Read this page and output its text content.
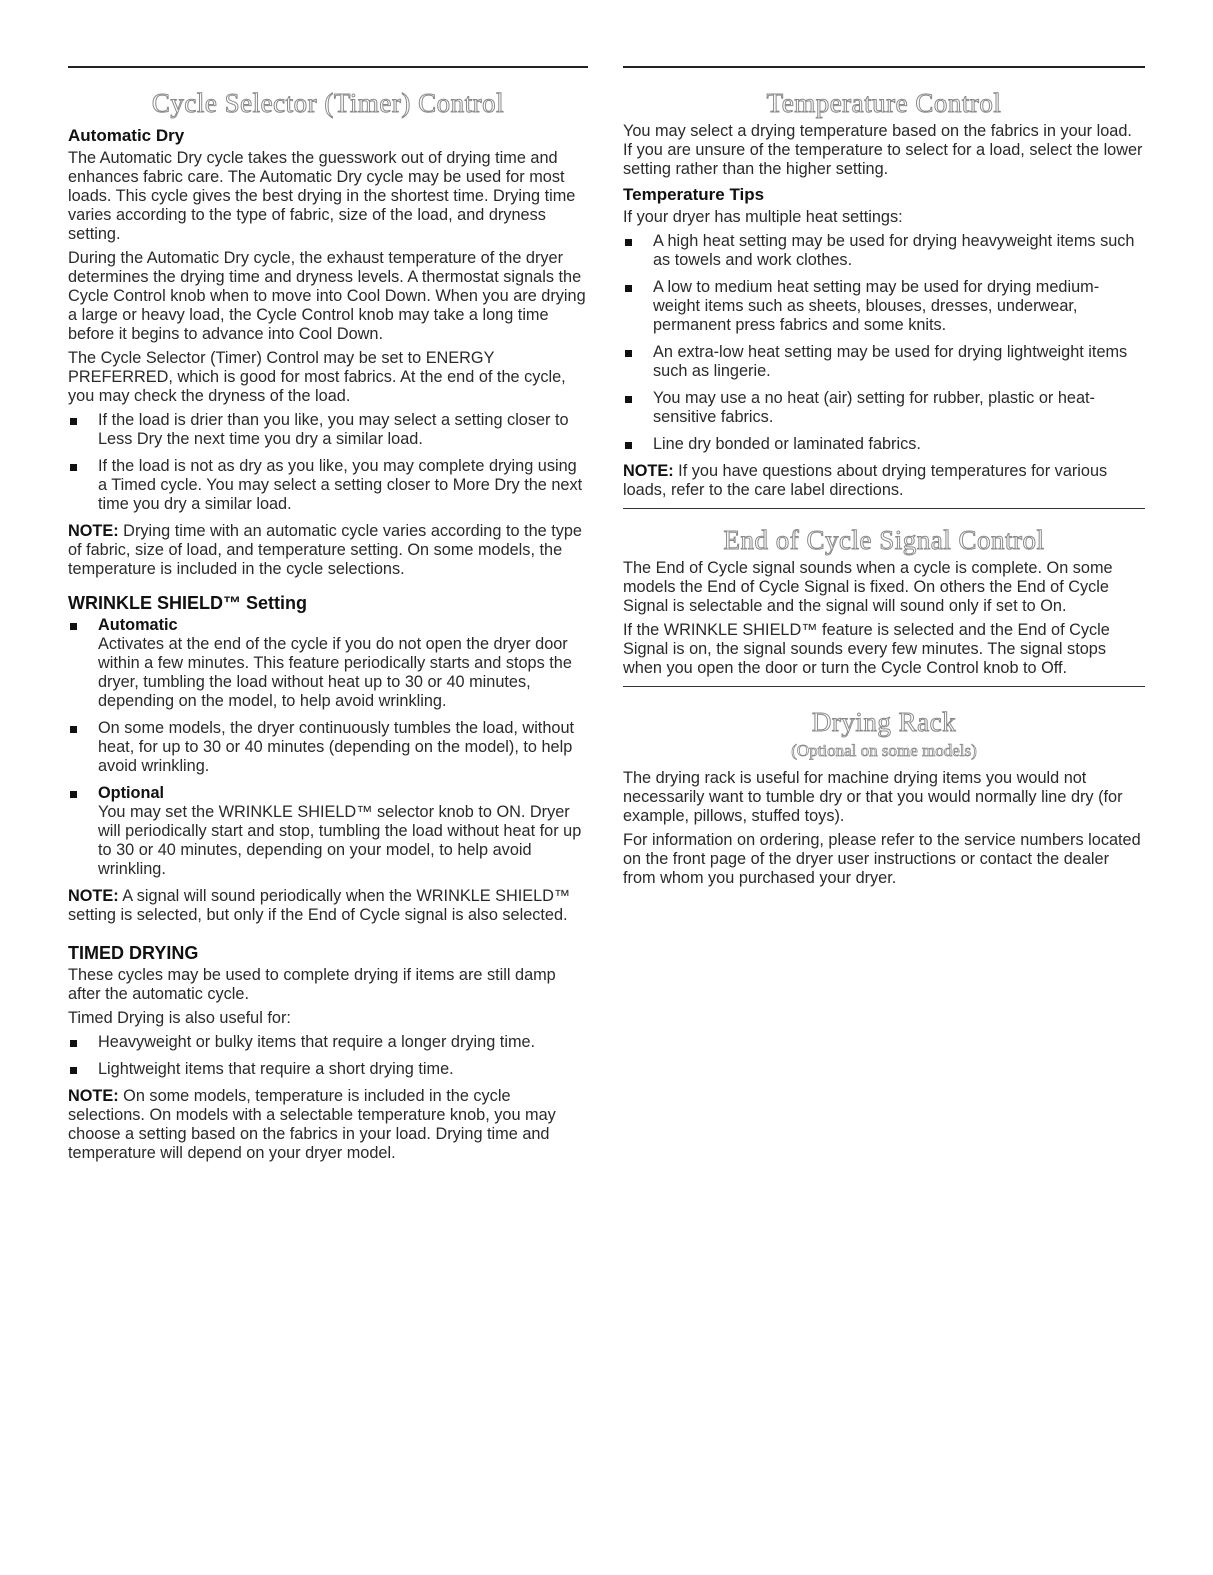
Cycle Selector (Timer) Control
Automatic Dry

The Automatic Dry cycle takes the guesswork out of drying time and enhances fabric care. The Automatic Dry cycle may be used for most loads. This cycle gives the best drying in the shortest time. Drying time varies according to the type of fabric, size of the load, and dryness setting.

During the Automatic Dry cycle, the exhaust temperature of the dryer determines the drying time and dryness levels. A thermostat signals the Cycle Control knob when to move into Cool Down. When you are drying a large or heavy load, the Cycle Control knob may take a long time before it begins to advance into Cool Down.

The Cycle Selector (Timer) Control may be set to ENERGY PREFERRED, which is good for most fabrics. At the end of the cycle, you may check the dryness of the load.

If the load is drier than you like, you may select a setting closer to Less Dry the next time you dry a similar load.
If the load is not as dry as you like, you may complete drying using a Timed cycle. You may select a setting closer to More Dry the next time you dry a similar load.

NOTE: Drying time with an automatic cycle varies according to the type of fabric, size of load, and temperature setting. On some models, the temperature is included in the cycle selections.

WRINKLE SHIELD™ Setting
Automatic
Activates at the end of the cycle if you do not open the dryer door within a few minutes. This feature periodically starts and stops the dryer, tumbling the load without heat up to 30 or 40 minutes, depending on the model, to help avoid wrinkling.
On some models, the dryer continuously tumbles the load, without heat, for up to 30 or 40 minutes (depending on the model), to help avoid wrinkling.
Optional
You may set the WRINKLE SHIELD™ selector knob to ON. Dryer will periodically start and stop, tumbling the load without heat for up to 30 or 40 minutes, depending on your model, to help avoid wrinkling.

NOTE: A signal will sound periodically when the WRINKLE SHIELD™ setting is selected, but only if the End of Cycle signal is also selected.

TIMED DRYING

These cycles may be used to complete drying if items are still damp after the automatic cycle.

Timed Drying is also useful for:

Heavyweight or bulky items that require a longer drying time.
Lightweight items that require a short drying time.

NOTE: On some models, temperature is included in the cycle selections. On models with a selectable temperature knob, you may choose a setting based on the fabrics in your load. Drying time and temperature will depend on your dryer model.

Temperature Control

You may select a drying temperature based on the fabrics in your load. If you are unsure of the temperature to select for a load, select the lower setting rather than the higher setting.

Temperature Tips

If your dryer has multiple heat settings:

A high heat setting may be used for drying heavyweight items such as towels and work clothes.
A low to medium heat setting may be used for drying medium-weight items such as sheets, blouses, dresses, underwear, permanent press fabrics and some knits.
An extra-low heat setting may be used for drying lightweight items such as lingerie.
You may use a no heat (air) setting for rubber, plastic or heat-sensitive fabrics.
Line dry bonded or laminated fabrics.

NOTE: If you have questions about drying temperatures for various loads, refer to the care label directions.

End of Cycle Signal Control

The End of Cycle signal sounds when a cycle is complete. On some models the End of Cycle Signal is fixed. On others the End of Cycle Signal is selectable and the signal will sound only if set to On.

If the WRINKLE SHIELD™ feature is selected and the End of Cycle Signal is on, the signal sounds every few minutes. The signal stops when you open the door or turn the Cycle Control knob to Off.

Drying Rack
(Optional on some models)

The drying rack is useful for machine drying items you would not necessarily want to tumble dry or that you would normally line dry (for example, pillows, stuffed toys).

For information on ordering, please refer to the service numbers located on the front page of the dryer user instructions or contact the dealer from whom you purchased your dryer.
